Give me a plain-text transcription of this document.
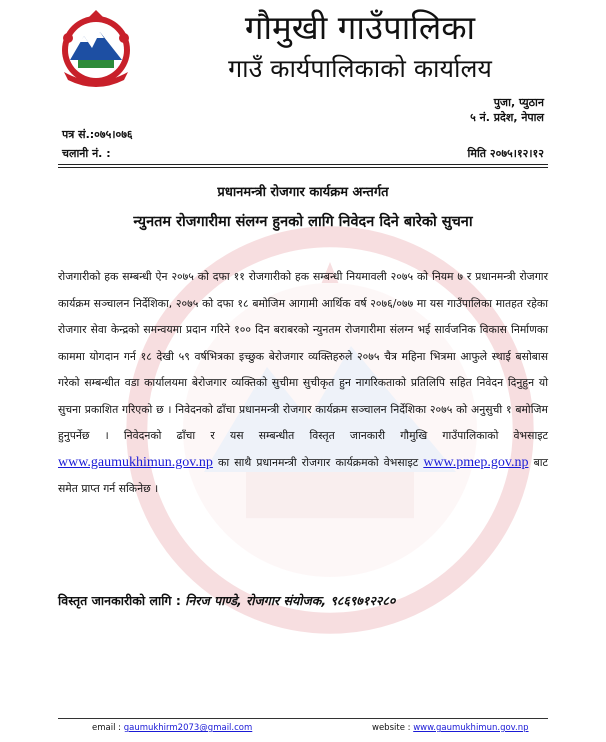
गौमुखी गाउँपालिका
गाउँ कार्यपालिकाको कार्यालय
पुजा, प्युठान
५ नं. प्रदेश, नेपाल
पत्र सं.:०७५।०७६
चलानी नं. :	मिति २०७५।१२।१२
प्रधानमन्त्री रोजगार कार्यक्रम अन्तर्गत
न्युनतम रोजगारीमा संलग्न हुनको लागि निवेदन दिने बारेको सुचना

रोजगारीको हक सम्बन्धी ऐन २०७५ को दफा ११ रोजगारीको हक सम्बन्धी नियमावली २०७५ को नियम ७ र प्रधानमन्त्री रोजगार कार्यक्रम सञ्चालन निर्देशिका, २०७५ को दफा १८ बमोजिम आगामी आर्थिक वर्ष २०७६/०७७ मा यस गाउँपालिका मातहत रहेका रोजगार सेवा केन्द्रको समन्वयमा प्रदान गरिने १०० दिन बराबरको न्युनतम रोजगारीमा संलग्न भई सार्वजनिक विकास निर्माणका काममा योगदान गर्न १८ देखी ५९ वर्षभित्रका इच्छुक बेरोजगार व्यक्तिहरुले २०७५ चैत्र महिना भित्रमा आफुले स्थाई बसोबास गरेको सम्बन्धीत वडा कार्यालयमा बेरोजगार व्यक्तिको सुचीमा सुचीकृत हुन नागरिकताको प्रतिलिपि सहित निवेदन दिनुहुन यो सुचना प्रकाशित गरिएको छ । निवेदनको ढाँचा प्रधानमन्त्री रोजगार कार्यक्रम सञ्चालन निर्देशिका २०७५ को अनुसुची १ बमोजिम हुनुपर्नेछ । निवेदनको ढाँचा र यस सम्बन्धीत विस्तृत जानकारी गौमुखि गाउँपालिकाको वेभसाइट www.gaumukhimun.gov.np का साथै प्रधानमन्त्री रोजगार कार्यक्रमको वेभसाइट www.pmep.gov.np बाट समेत प्राप्त गर्न सकिनेछ ।

विस्तृत जानकारीको लागि : निरज पाण्डे, रोजगार संयोजक, ९८६९७१२२८०
email : gaumukhirm2073@gmail.com	website : www.gaumukhimun.gov.np
